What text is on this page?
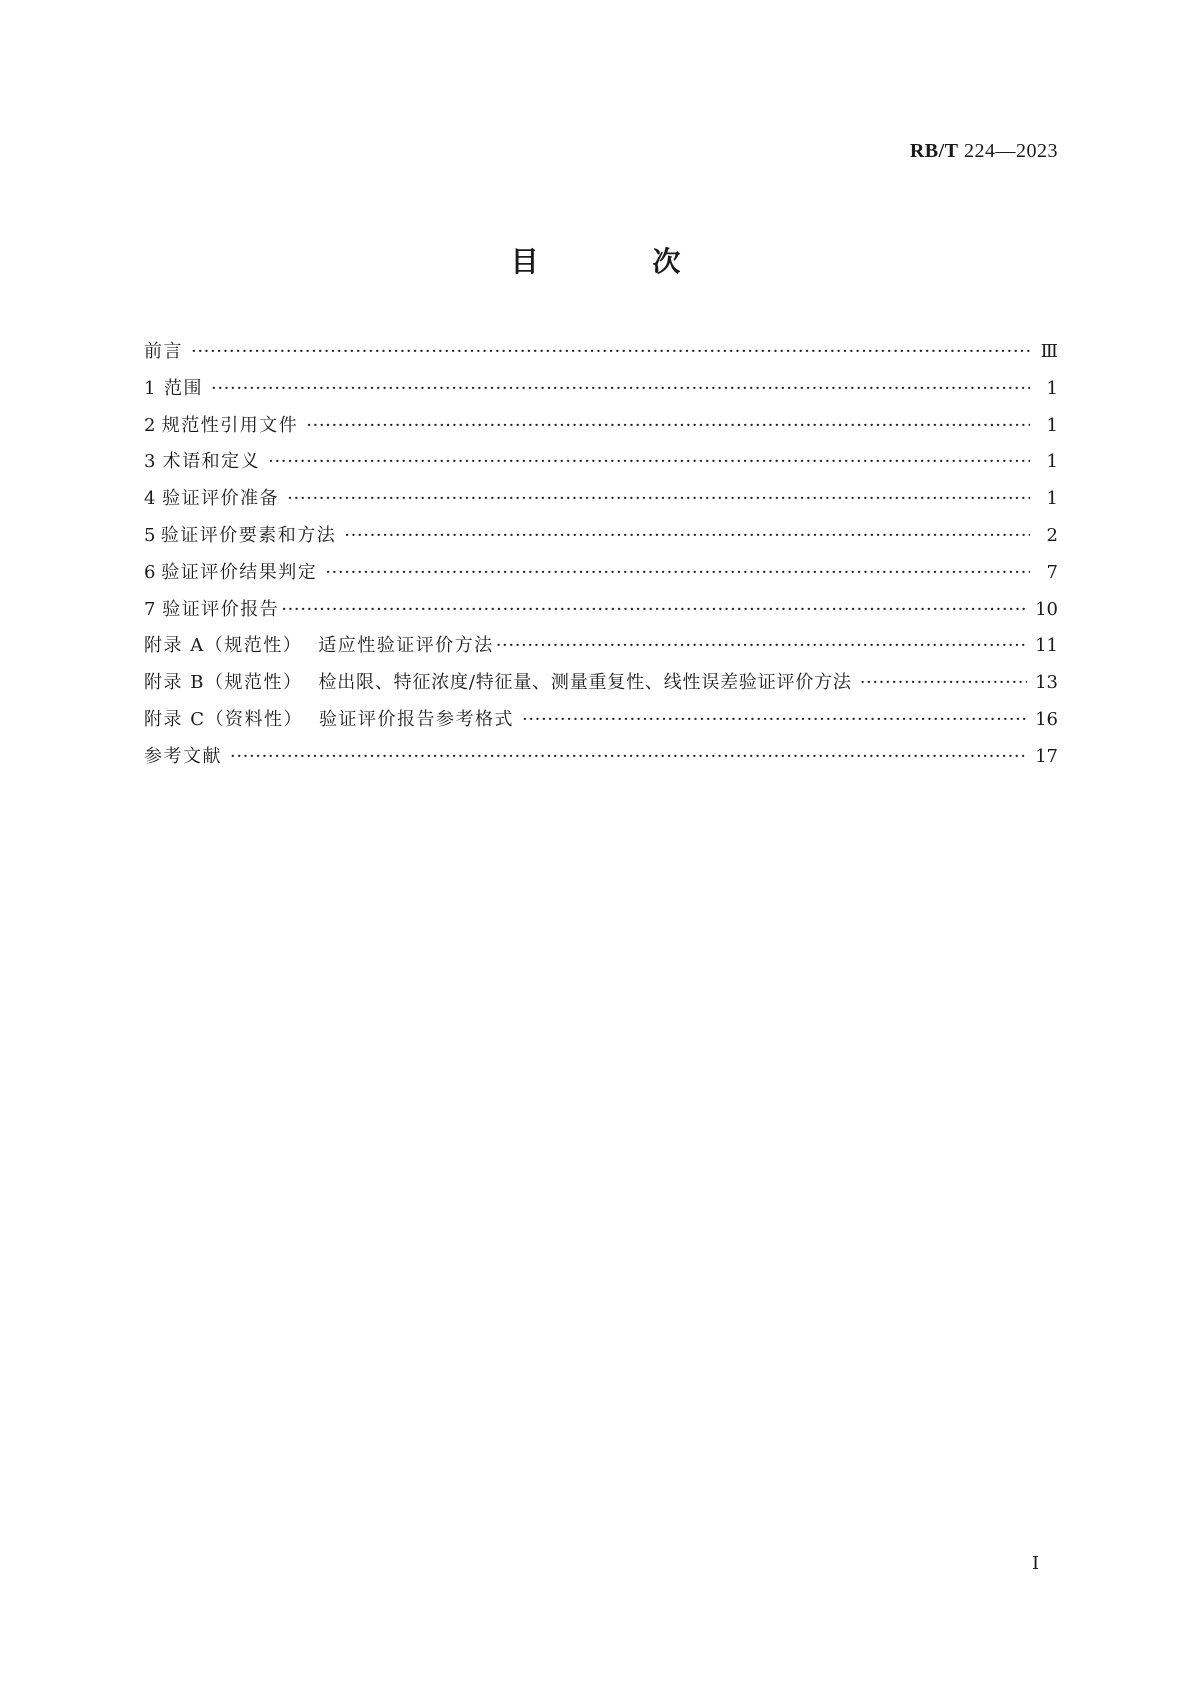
RB/T 224—2023
目 次
前言 ·····	Ⅲ
1 范围 ·····	1
2 规范性引用文件 ·····	1
3 术语和定义 ·····	1
4 验证评价准备 ·····	1
5 验证评价要素和方法 ·····	2
6 验证评价结果判定 ·····	7
7 验证评价报告 ·····	10
附录 A（规范性） 适应性验证评价方法 ·····	11
附录 B（规范性） 检出限、特征浓度/特征量、测量重复性、线性误差验证评价方法 ·····	13
附录 C（资料性） 验证评价报告参考格式 ·····	16
参考文献 ·····	17
Ⅰ
